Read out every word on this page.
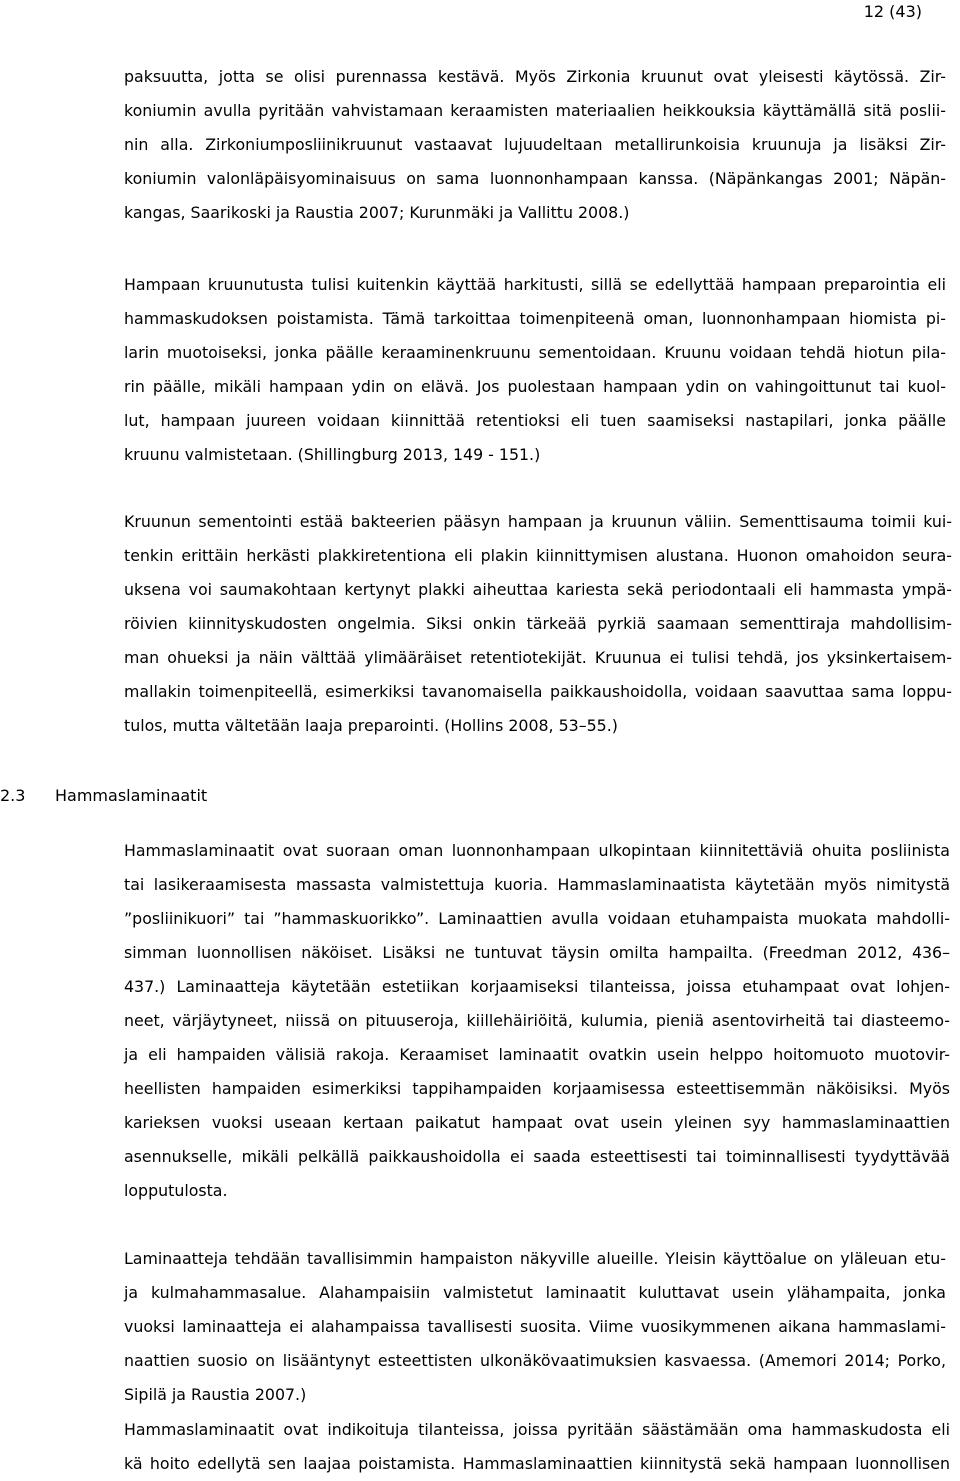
12 (43)
paksuutta, jotta se olisi purennassa kestävä. Myös Zirkonia kruunut ovat yleisesti käytössä. Zir-
koniumin avulla pyritään vahvistamaan keraamisten materiaalien heikkouksia käyttämällä sitä poslii-
nin alla. Zirkoniumposliinikruunut vastaavat lujuudeltaan metallirunkoisia kruunuja ja lisäksi Zir-
koniumin valonläpäisyominaisuus on sama luonnonhampaan kanssa. (Näpänkangas 2001; Näpän-
kangas, Saarikoski ja Raustia 2007; Kurunmäki ja Vallittu 2008.)
Hampaan kruunutusta tulisi kuitenkin käyttää harkitusti, sillä se edellyttää hampaan preparointia eli
hammaskudoksen poistamista. Tämä tarkoittaa toimenpiteenä oman, luonnonhampaan hiomista pi-
larin muotoiseksi, jonka päälle keraaminenkruunu sementoidaan. Kruunu voidaan tehdä hiotun pila-
rin päälle, mikäli hampaan ydin on elävä. Jos puolestaan hampaan ydin on vahingoittunut tai kuol-
lut, hampaan juureen voidaan kiinnittää retentioksi eli tuen saamiseksi nastapilari, jonka päälle
kruunu valmistetaan. (Shillingburg 2013, 149 - 151.)
Kruunun sementointi estää bakteerien pääsyn hampaan ja kruunun väliin. Sementtisauma toimii kui-
tenkin erittäin herkästi plakkiretentiona eli plakin kiinnittymisen alustana. Huonon omahoidon seura-
uksena voi saumakohtaan kertynyt plakki aiheuttaa kariesta sekä periodontaali eli hammasta ympä-
röivien kiinnityskudosten ongelmia. Siksi onkin tärkeää pyrkiä saamaan sementtiraja mahdollisim-
man ohueksi ja näin välttää ylimääräiset retentiotekijät. Kruunua ei tulisi tehdä, jos yksinkertaisem-
mallakin toimenpiteellä, esimerkiksi tavanomaisella paikkaushoidolla, voidaan saavuttaa sama loppu-
tulos, mutta vältetään laaja preparointi. (Hollins 2008, 53–55.)
2.3 Hammaslaminaatit
Hammaslaminaatit ovat suoraan oman luonnonhampaan ulkopintaan kiinnitettäviä ohuita posliinista
tai lasikeraamisesta massasta valmistettuja kuoria. Hammaslaminaatista käytetään myös nimitystä
”posliinikuori” tai ”hammaskuorikko”. Laminaattien avulla voidaan etuhampaista muokata mahdolli-
simman luonnollisen näköiset. Lisäksi ne tuntuvat täysin omilta hampailta. (Freedman 2012, 436–
437.) Laminaatteja käytetään estetiikan korjaamiseksi tilanteissa, joissa etuhampaat ovat lohjen-
neet, värjäytyneet, niissä on pituuseroja, kiillehäiriöitä, kulumia, pieniä asentovirheitä tai diasteemo-
ja eli hampaiden välisiä rakoja. Keraamiset laminaatit ovatkin usein helppo hoitomuoto muotovir-
heellisten hampaiden esimerkiksi tappihampaiden korjaamisessa esteettisemmän näköisiksi. Myös
karieksen vuoksi useaan kertaan paikatut hampaat ovat usein yleinen syy hammaslaminaattien
asennukselle, mikäli pelkällä paikkaushoidolla ei saada esteettisesti tai toiminnallisesti tyydyttävää
lopputulosta.
Laminaatteja tehdään tavallisimmin hampaiston näkyville alueille. Yleisin käyttöalue on yläleuan etu-
ja kulmahammasalue. Alahampaisiin valmistetut laminaatit kuluttavat usein ylähampaita, jonka
vuoksi laminaatteja ei alahampaissa tavallisesti suosita. Viime vuosikymmenen aikana hammaslami-
naattien suosio on lisääntynyt esteettisten ulkonäkövaatimuksien kasvaessa. (Amemori 2014; Porko,
Sipilä ja Raustia 2007.)
Hammaslaminaatit ovat indikoituja tilanteissa, joissa pyritään säästämään oma hammaskudosta eli
kä hoito edellytä sen laajaa poistamista. Hammaslaminaattien kiinnitystä sekä hampaan luonnollisen
